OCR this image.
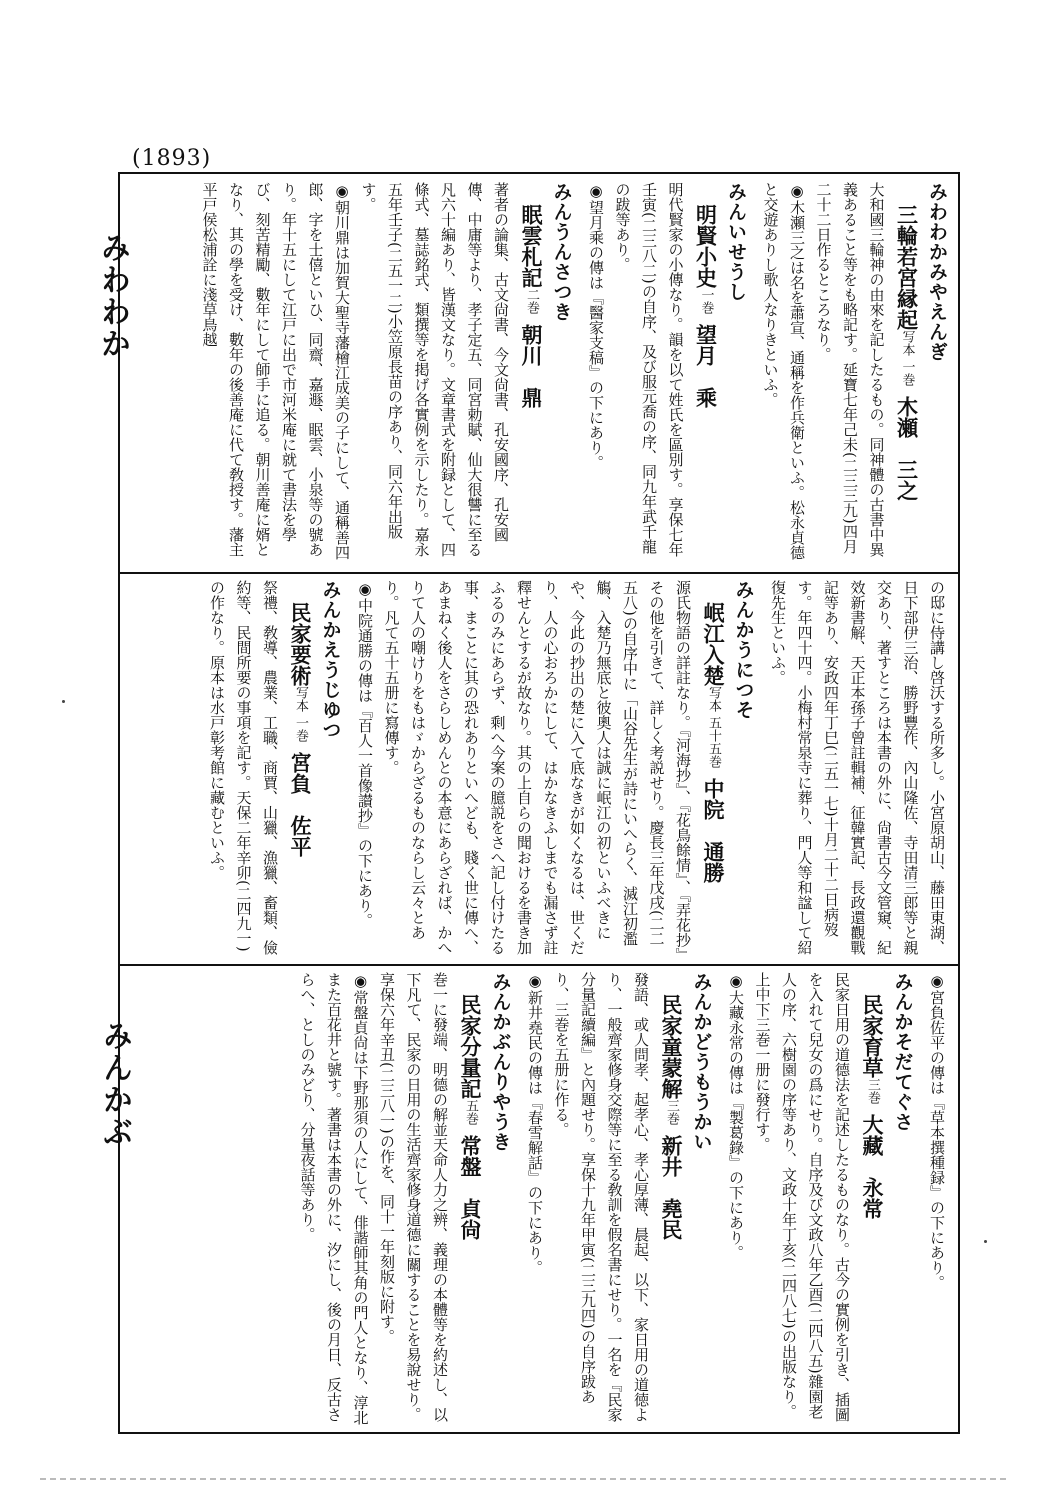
(1893)
みわわか
みんかぶ
みわわかみやえんぎ
三輪若宮縁起写本 一巻木瀬　三之
大和國三輪神の由來を記したるもの。同神體の古書中異義あること等をも略記す。延寶七年己未(二三三九)四月二十二日作るところなり。
◉木瀬三之は名を蕭宣、通稱を作兵衛といふ。松永貞德と交遊ありし歌人なりきといふ。
みんいせうし
明賢小史一巻望月　乘
明代賢家の小傳なり。韻を以て姓氏を區別す。享保七年壬寅(二三八二)の自序、及び服元喬の序、同九年武千龍の跋等あり。
◉望月乘の傳は『醫家支稿』の下にあり。
みんうんさつき
眠雲札記二巻朝川　鼎
著者の論集、古文尙書、今文尙書、孔安國序、孔安國傳、中庸等より、孝子定五、同宮勅賦、仙大很讐に至る凡六十編あり、皆漢文なり。文章書式を附録として、四條式、墓誌銘式、類撰等を掲げ各實例を示したり。嘉永五年壬子(二五一二)小笠原長苗の序あり、同六年出版す。
◉朝川鼎は加賀大聖寺藩檜江成美の子にして、通稱善四郎、字を士僖といひ、同齋、嘉遯、眠雲、小泉等の號あり。年十五にして江戸に出で市河米庵に就て書法を學び、刻苦精勵、數年にして師手に追る。朝川善庵に婿となり、其の學を受け、數年の後善庵に代て敎授す。藩主平戸侯松浦詮に淺草鳥越
の邸に侍講し啓沃する所多し。小宮原胡山、藤田東湖、日下部伊三治、勝野豐作、內山隆佐、寺田清三郎等と親交あり、著すところは本書の外に、尙書古今文管窺、紀效新書解、天正本孫子曾註輯補、征韓實記、長政還觀戰記等あり、安政四年丁巳(二五一七)十月二十二日病歿す。年四十四。小梅村常泉寺に葬り、門人等和諡して紹復先生といふ。
みんかうにつそ
岷江入楚写本 五十五巻中院　通勝
源氏物語の詳註なり。『河海抄』、『花鳥餘情』、『弄花抄』その他を引きて、詳しく考説せり。慶長三年戊戌(二二五八)の自序中に「山谷先生が詩にいへらく、滅江初濫觴、入楚乃無底と彼奧人は誠に岷江の初といふべきにや、今此の抄出の楚に入て底なきが如くなるは、世くだり、人の心おろかにして、はかなきふしまでも漏さず註釋せんとするが故なり。其の上自らの聞おけるを書き加ふるのみにあらず、剩へ今案の臆説をさへ記し付けたる事、まことに其の恐れありといへども、賤く世に傳へ、あまねく後人をさらしめんとの本意にあらざれば、かへりて人の嘲けりをもはゞからざるものならし云々とあり。凡て五十五册に寫傳す。
◉中院通勝の傳は『百人一首像讃抄』の下にあり。
みんかえうじゆつ
民家要術写本 一巻宮負　佐平
祭禮、敎導、農業、工職、商賈、山獵、漁獵、畜類、儉約等、民間所要の事項を記す。天保二年辛卯(二四九一)の作なり。原本は水戸彰考館に藏むといふ。
◉宮負佐平の傳は『草本撰種録』の下にあり。
みんかそだてぐさ
民家育草三巻大藏　永常
民家日用の道德法を記述したるものなり。古今の實例を引き、插圖を入れて兒女の爲にせり。自序及び文政八年乙酉(二四八五)雜園老人の序、六樹園の序等あり、文政十年丁亥(二四八七)の出版なり。上中下三巻一册に發行す。
◉大藏永常の傳は『製葛錄』の下にあり。
みんかどうもうかい
民家童蒙解三巻新井　堯民
發語、或人問孝、起孝心、孝心厚薄、晨起、以下、家日用の道徳より、一般齊家修身交際等に至る敎訓を假名書にせり。一名を『民家分量記續編』と內題せり。享保十九年甲寅(二三九四)の自序跋あり、三巻を五册に作る。
◉新井堯民の傳は『春雪解話』の下にあり。
みんかぶんりやうき
民家分量記五巻常盤　貞尙
巻一に發端、明德の解並天命人力之辨、義理の本體等を約述し、以下凡て、民家の日用の生活齊家修身道德に關することを易說せり。享保六年辛丑(二三八一)の作を、同十一年刻版に附す。
◉常盤貞尙は下野那須の人にして、俳諧師其角の門人となり、淳北また百花井と號す。著書は本書の外に、汐にし、後の月日、反古さらへ、としのみどり、分量夜話等あり。
